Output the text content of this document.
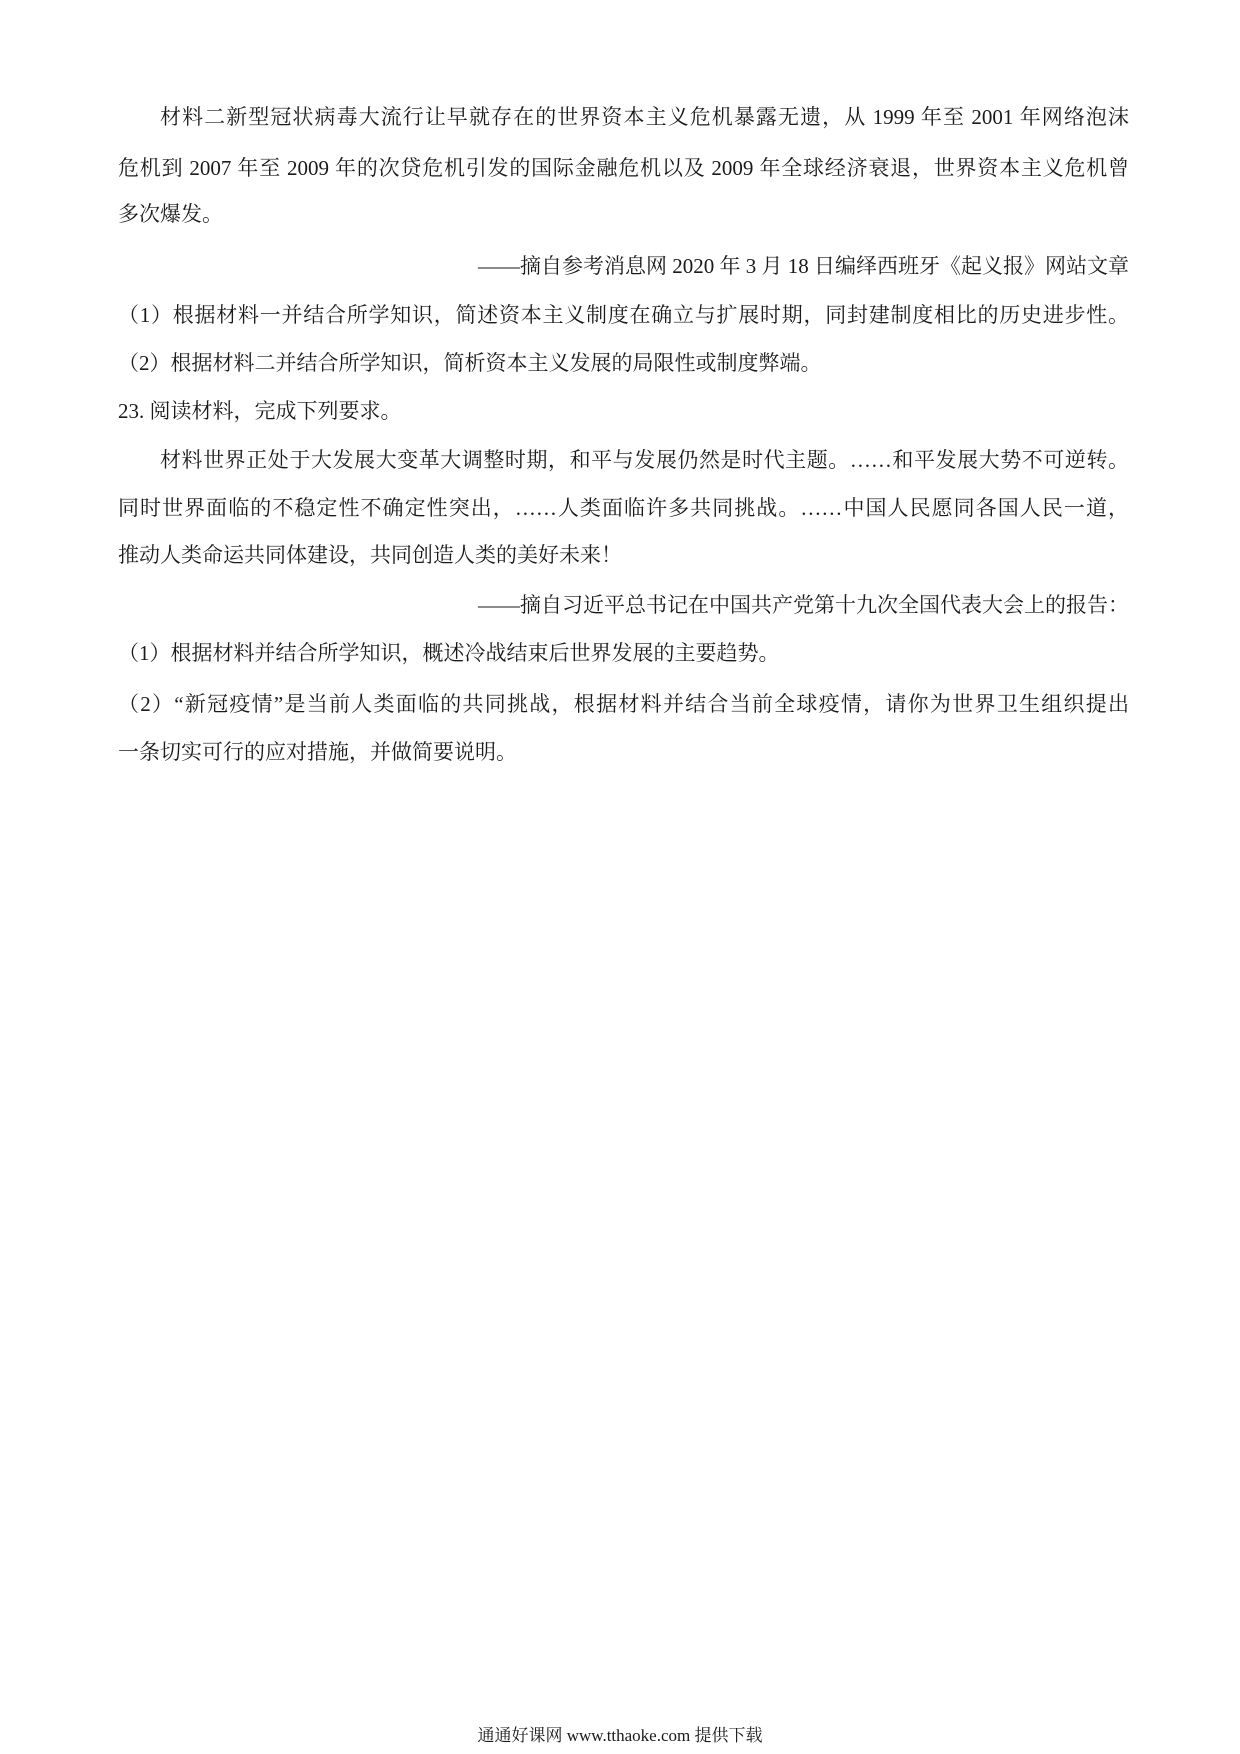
材料二新型冠状病毒大流行让早就存在的世界资本主义危机暴露无遗，从 1999 年至 2001 年网络泡沫
危机到 2007 年至 2009 年的次贷危机引发的国际金融危机以及 2009 年全球经济衰退，世界资本主义危机曾
多次爆发。
——摘自参考消息网 2020 年 3 月 18 日编绎西班牙《起义报》网站文章
（1）根据材料一并结合所学知识，简述资本主义制度在确立与扩展时期，同封建制度相比的历史进步性。
（2）根据材料二并结合所学知识，简析资本主义发展的局限性或制度弊端。
23. 阅读材料，完成下列要求。
材料世界正处于大发展大变革大调整时期，和平与发展仍然是时代主题。……和平发展大势不可逆转。
同时世界面临的不稳定性不确定性突出，……人类面临许多共同挑战。……中国人民愿同各国人民一道，
推动人类命运共同体建设，共同创造人类的美好未来！
——摘自习近平总书记在中国共产党第十九次全国代表大会上的报告：
（1）根据材料并结合所学知识，概述冷战结束后世界发展的主要趋势。
（2）“新冠疫情”是当前人类面临的共同挑战，根据材料并结合当前全球疫情，请你为世界卫生组织提出
一条切实可行的应对措施，并做简要说明。
通通好课网 www.tthaoke.com 提供下载
